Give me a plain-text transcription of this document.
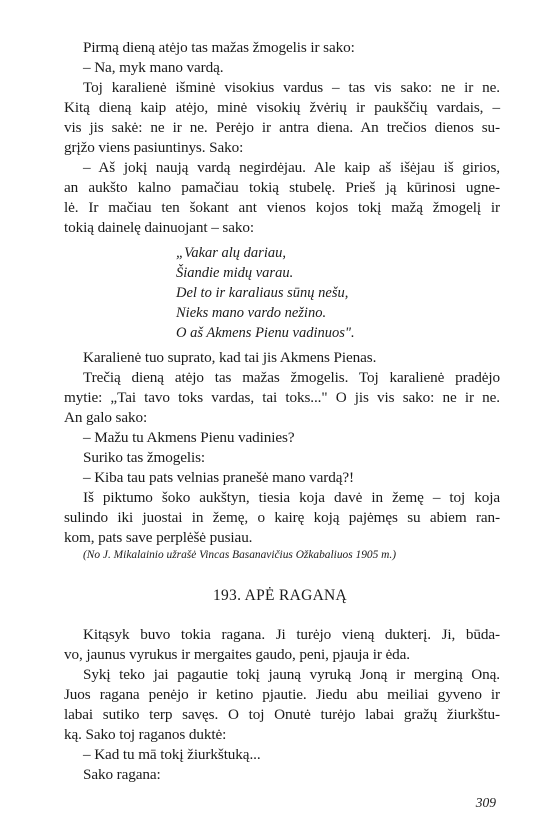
Pirmą dieną atėjo tas mažas žmogelis ir sako:
– Na, myk mano vardą.
Toj karalienė išminė visokius vardus – tas vis sako: ne ir ne.
Kitą dieną kaip atėjo, minė visokių žvėrių ir paukščių vardais, –
vis jis sakė: ne ir ne. Perėjo ir antra diena. An trečios dienos su-
grįžo viens pasiuntinys. Sako:
– Aš jokį naują vardą negirdėjau. Ale kaip aš išėjau iš girios,
an aukšto kalno pamačiau tokią stubelę. Prieš ją kūrinosi ugne-
lė. Ir mačiau ten šokant ant vienos kojos tokį mažą žmogelį ir
tokią dainelę dainuojant – sako:
„Vakar alų dariau,
Šiandie midų varau.
Del to ir karaliaus sūnų nešu,
Nieks mano vardo nežino.
O aš Akmens Pienu vadinuos".
Karalienė tuo suprato, kad tai jis Akmens Pienas.
Trečią dieną atėjo tas mažas žmogelis. Toj karalienė pradėjo
mytie: „Tai tavo toks vardas, tai toks..." O jis vis sako: ne ir ne.
An galo sako:
– Mažu tu Akmens Pienu vadinies?
Suriko tas žmogelis:
– Kiba tau pats velnias pranešė mano vardą?!
Iš piktumo šoko aukštyn, tiesia koja davė in žemę – toj koja
sulindo iki juostai in žemę, o kairę koją pajėmęs su abiem ran-
kom, pats save perplėšė pusiau.
(No J. Mikalainio užrašė Vincas Basanavičius Ožkabaliuos 1905 m.)
193. APĖ RAGANĄ
Kitąsyk buvo tokia ragana. Ji turėjo vieną dukterį. Ji, būda-
vo, jaunus vyrukus ir mergaites gaudo, peni, pjauja ir ėda.
Sykį teko jai pagautie tokį jauną vyruką Joną ir merginą Oną.
Juos ragana penėjo ir ketino pjautie. Jiedu abu meiliai gyveno ir
labai sutiko terp savęs. O toj Onutė turėjo labai gražų žiurkštu-
ką. Sako toj raganos duktė:
– Kad tu mā tokį žiurkštuką...
Sako ragana:
309
